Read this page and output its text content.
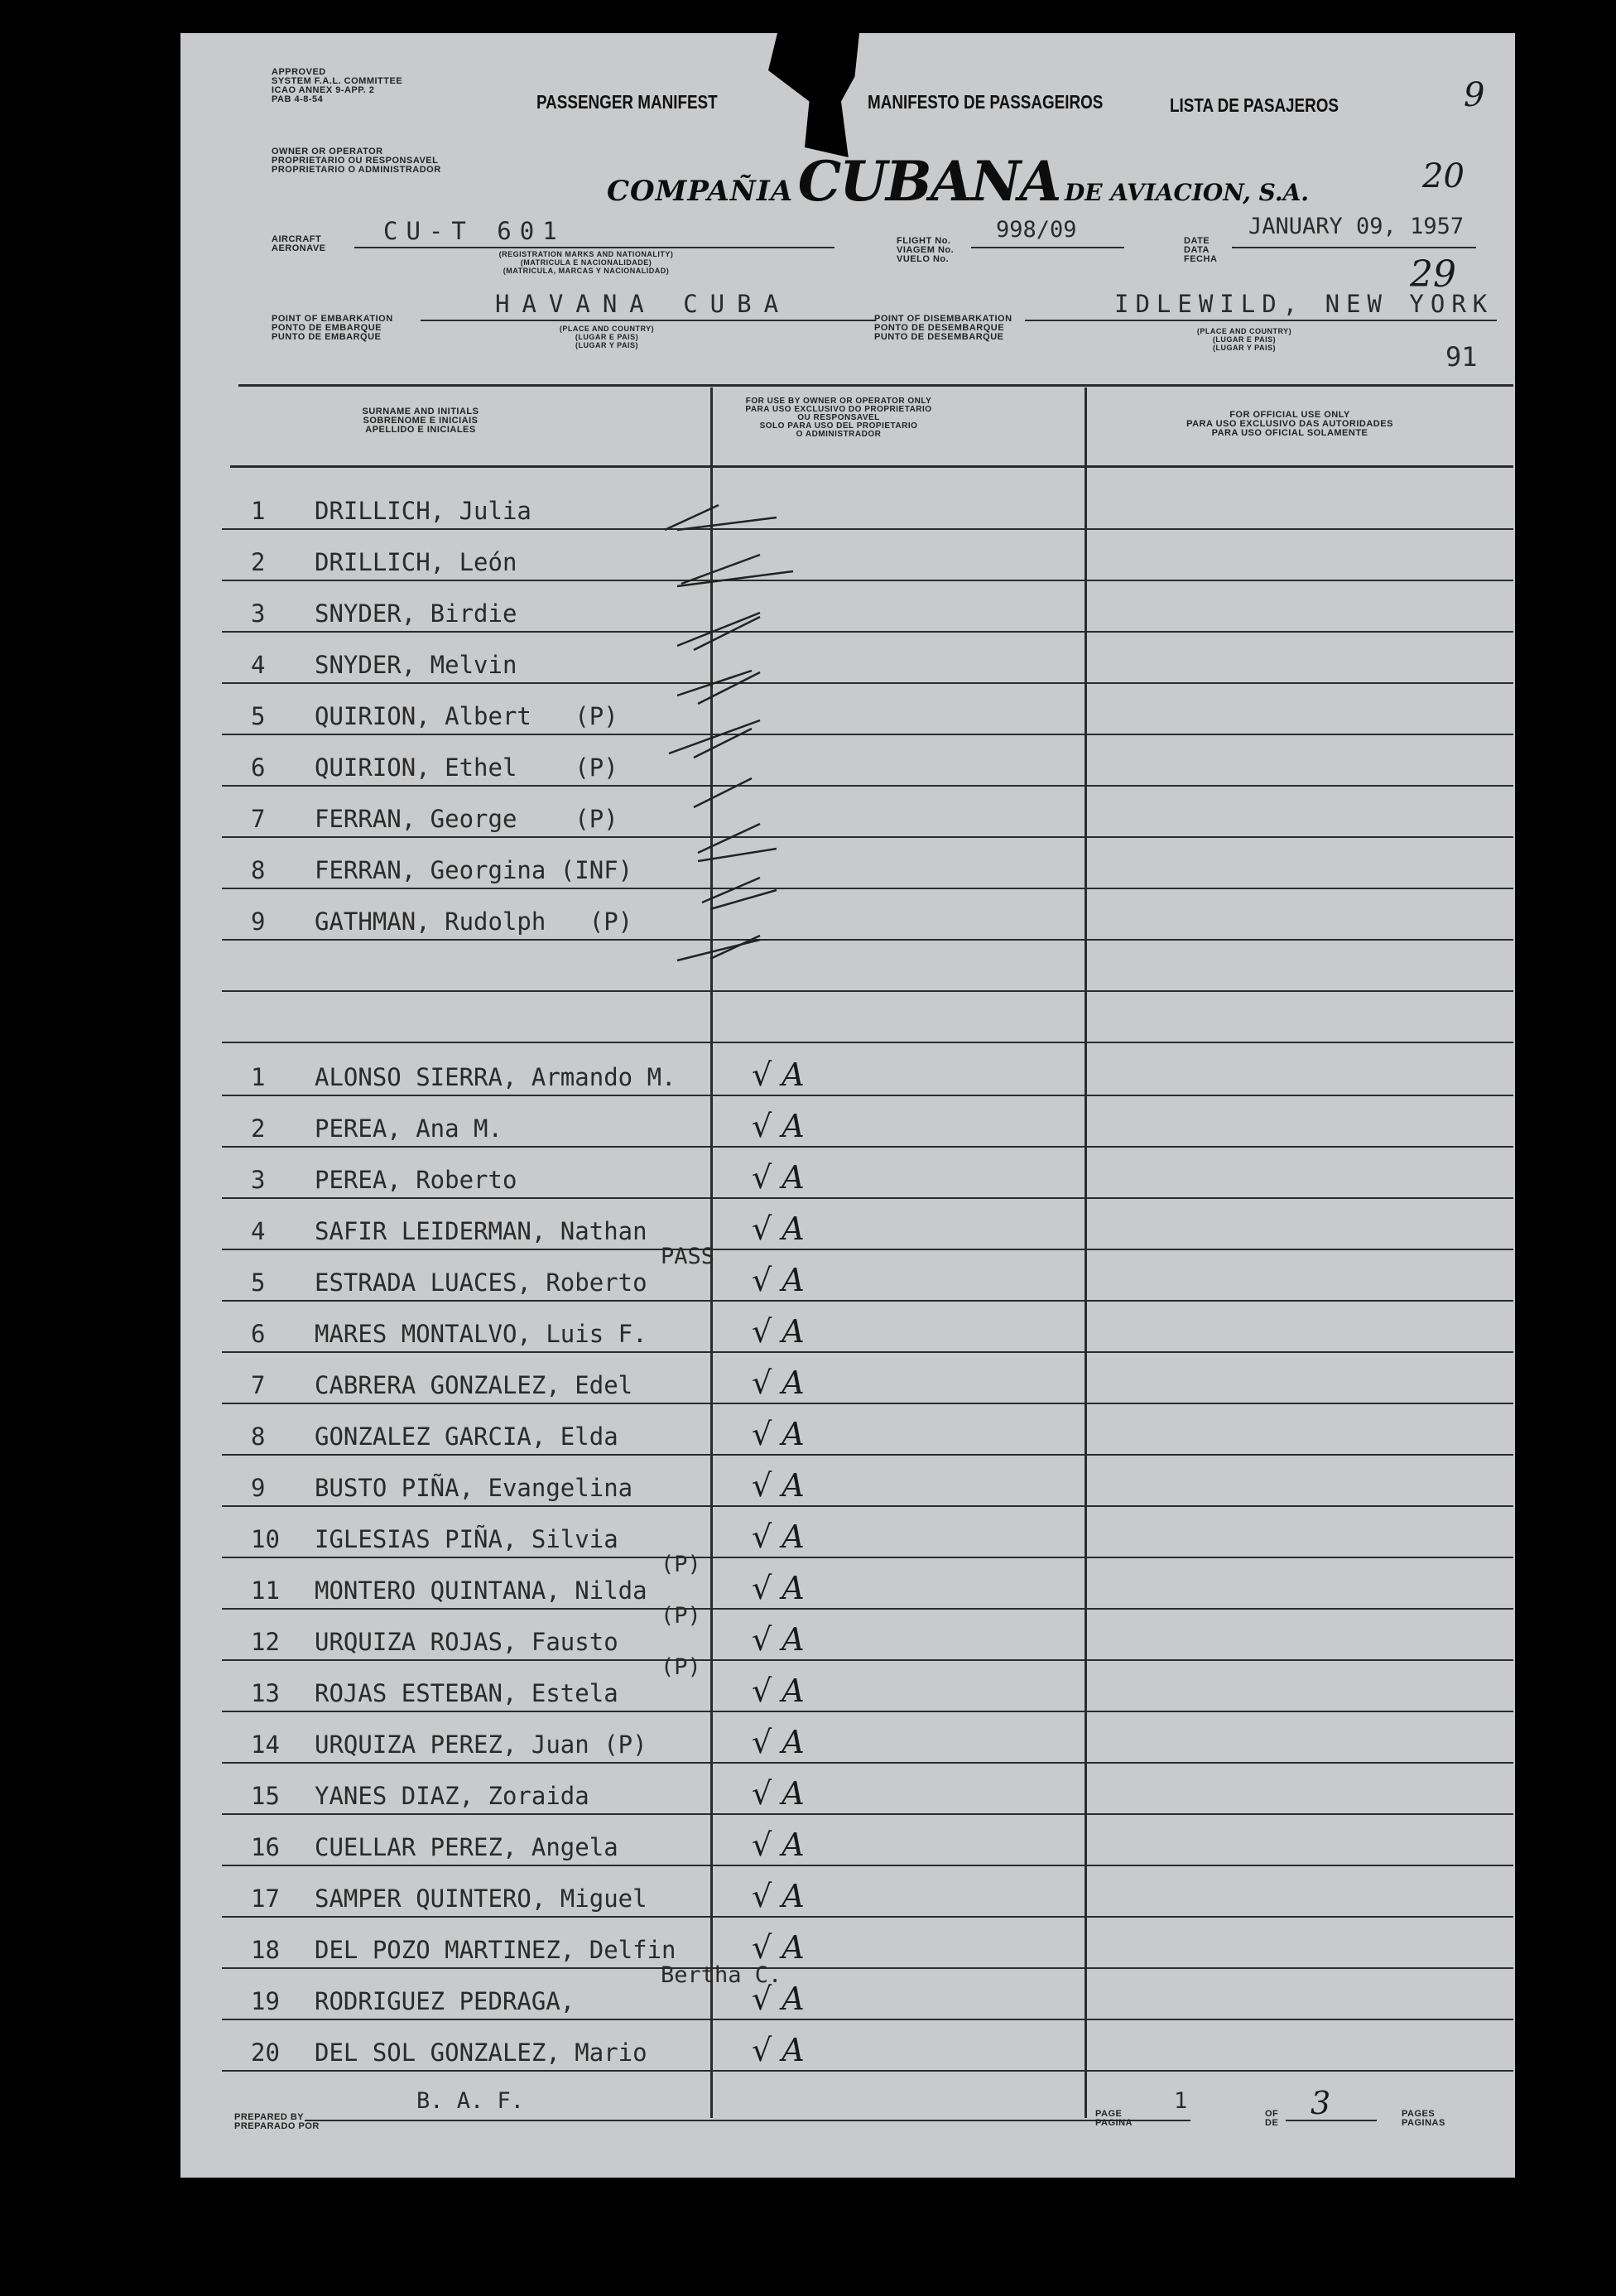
APPROVED
SYSTEM F.A.L. COMMITTEE
ICAO ANNEX 9-APP. 2
PAB 4-8-54	PASSENGER MANIFEST	MANIFESTO DE PASSAGEIROS	LISTA DE PASAJEROS	9
OWNER OR OPERATOR
PROPRIETARIO OU RESPONSAVEL
PROPRIETARIO O ADMINISTRADOR
COMPAÑIA CUBANA DE AVIACION, S.A.	20
AIRCRAFT
AERONAVE
CU-T 601
(REGISTRATION MARKS AND NATIONALITY)
(MATRICULA E NACIONALIDADE)
(MATRICULA, MARCAS Y NACIONALIDAD)
FLIGHT No.
VIAGEM No.
VUELO No.
998/09	DATE
DATA
FECHA
JANUARY 09, 1957
POINT OF EMBARKATION
PONTO DE EMBARQUE
PUNTO DE EMBARQUE
HAVANA CUBA
(PLACE AND COUNTRY)
(LUGAR E PAIS)
(LUGAR Y PAIS)
POINT OF DISEMBARKATION
PONTO DE DESEMBARQUE
PUNTO DE DESEMBARQUE
IDLEWILD, NEW YORK
(PLACE AND COUNTRY)
(LUGAR E PAIS)
(LUGAR Y PAIS)
29
91
SURNAME AND INITIALS
SOBRENOME E INICIAIS
APELLIDO E INICIALES
FOR USE BY OWNER OR OPERATOR ONLY
PARA USO EXCLUSIVO DO PROPRIETARIO
OU RESPONSAVEL
SOLO PARA USO DEL PROPIETARIO
O ADMINISTRADOR
FOR OFFICIAL USE ONLY
PARA USO EXCLUSIVO DAS AUTORIDADES
PARA USO OFICIAL SOLAMENTE
1 DRILLICH, Julia
2 DRILLICH, León
3 SNYDER, Birdie
4 SNYDER, Melvin
5 QUIRION, Albert   (P)
6 QUIRION, Ethel    (P)
7 FERRAN, George    (P)
8 FERRAN, Georgina (INF)
9 GATHMAN, Rudolph   (P)
1 ALONSO SIERRA, Armando M. √ A
2 PEREA, Ana M.	√ A
3 PEREA, Roberto	√ A
4 SAFIR LEIDERMAN, Nathan	√ A
5 ESTRADA LUACES, Roberto	√ A
PASS
6 MARES MONTALVO, Luis F.	√ A
7 CABRERA GONZALEZ, Edel	√ A
8 GONZALEZ GARCIA, Elda	√ A
9 BUSTO PIÑA, Evangelina	√ A
10 IGLESIAS PIÑA, Silvia	√ A
11 MONTERO QUINTANA, Nilda	√ A
(P)
12 URQUIZA ROJAS, Fausto	√ A
(P)
13 ROJAS ESTEBAN, Estela	√ A
(P)
14 URQUIZA PEREZ, Juan (P)	√ A
15 YANES DIAZ, Zoraida	√ A
16 CUELLAR PEREZ, Angela	√ A
17 SAMPER QUINTERO, Miguel	√ A
18 DEL POZO MARTINEZ, Delfin √ A
19 RODRIGUEZ PEDRAGA,	√ A
Bertha C.
20 DEL SOL GONZALEZ, Mario	√ A
PREPARED BY
PREPARADO POR
B. A. F.	PAGE
PAGINA
1	OF
DE
3	PAGES
PAGINAS
